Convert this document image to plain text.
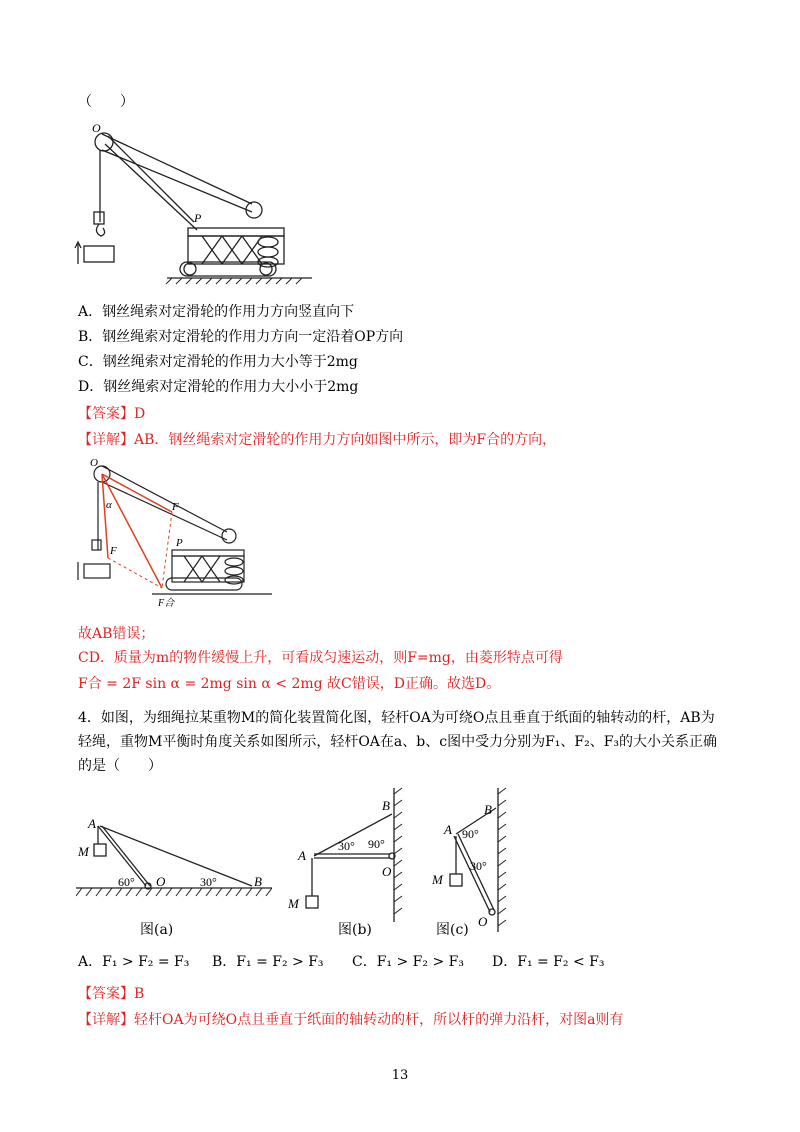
（　　）
O
P
A．钢丝绳索对定滑轮的作用力方向竖直向下
B．钢丝绳索对定滑轮的作用力方向一定沿着OP方向
C．钢丝绳索对定滑轮的作用力大小等于2mg
D．钢丝绳索对定滑轮的作用力大小小于2mg
【答案】D
【详解】AB．钢丝绳索对定滑轮的作用力方向如图中所示，即为F合的方向，
O
F
F
α
P
F合
故AB错误；
CD．质量为m的物件缓慢上升，可看成匀速运动，则F=mg，由菱形特点可得
F合 = 2F sin α = 2mg sin α < 2mg 故C错误，D正确。故选D。
4．如图，为细绳拉某重物M的简化装置简化图，轻杆OA为可绕O点且垂直于纸面的轴转动的杆，AB为
轻绳，重物M平衡时角度关系如图所示，轻杆OA在a、b、c图中受力分别为F₁、F₂、F₃的大小关系正确
的是（　　）
A
M
60° O	30°	B
图(a)
B
A
30° 90°
O
M
图(b)
B
A 90°
30°
M
O
图(c)
A．F₁ > F₂ = F₃ B．F₁ = F₂ > F₃ C．F₁ > F₂ > F₃ D．F₁ = F₂ < F₃
【答案】B
【详解】轻杆OA为可绕O点且垂直于纸面的轴转动的杆，所以杆的弹力沿杆，对图a则有
13
